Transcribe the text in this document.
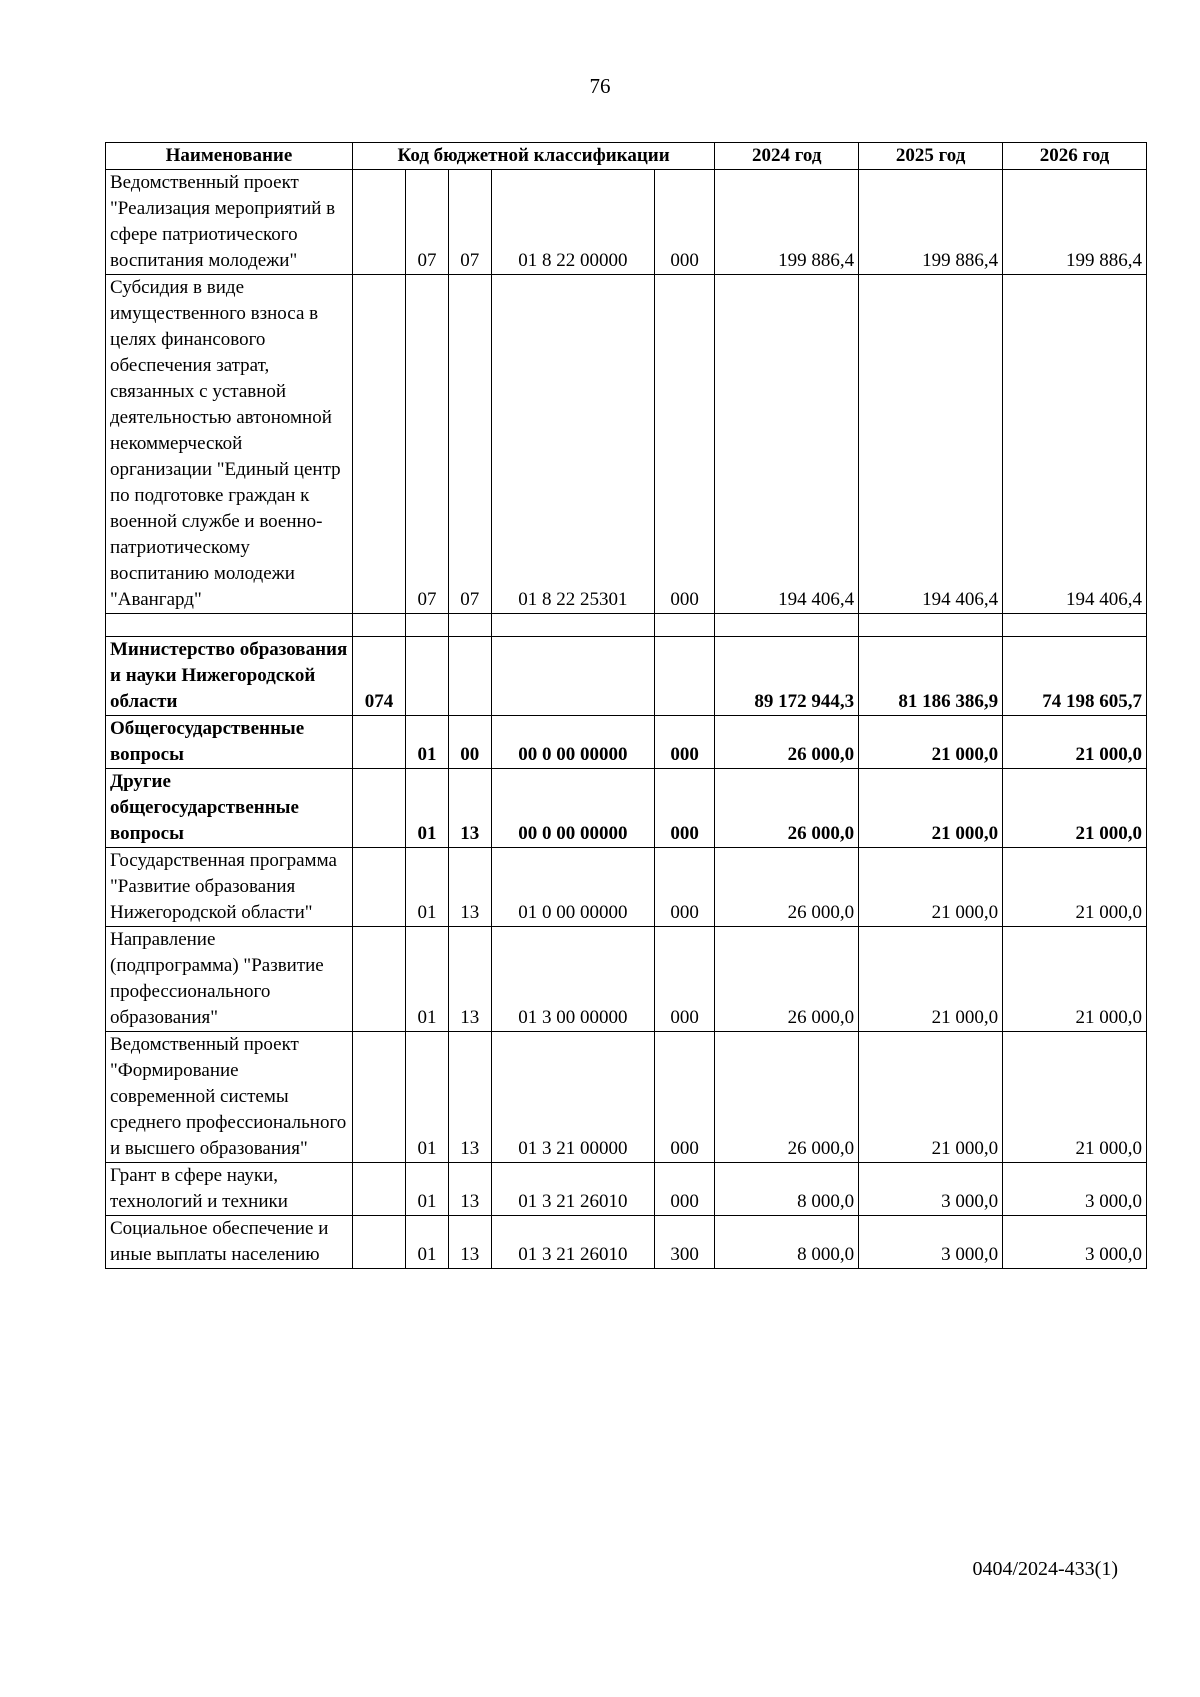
76
Наименование	Код бюджетной классификации					2024 год	2025 год	2026 год
Ведомственный проект "Реализация мероприятий в сфере патриотического воспитания молодежи"		07	07	01 8 22 00000	000	199 886,4	199 886,4	199 886,4
Субсидия в виде имущественного взноса в целях финансового обеспечения затрат, связанных с уставной деятельностью автономной некоммерческой организации "Единый центр по подготовке граждан к военной службе и военно-патриотическому воспитанию молодежи "Авангард"		07	07	01 8 22 25301	000	194 406,4	194 406,4	194 406,4

Министерство образования и науки Нижегородской области	074					89 172 944,3	81 186 386,9	74 198 605,7
Общегосударственные вопросы		01	00	00 0 00 00000	000	26 000,0	21 000,0	21 000,0
Другие общегосударственные вопросы		01	13	00 0 00 00000	000	26 000,0	21 000,0	21 000,0
Государственная программа "Развитие образования Нижегородской области"		01	13	01 0 00 00000	000	26 000,0	21 000,0	21 000,0
Направление (подпрограмма) "Развитие профессионального образования"		01	13	01 3 00 00000	000	26 000,0	21 000,0	21 000,0
Ведомственный проект "Формирование современной системы среднего профессионального и высшего образования"		01	13	01 3 21 00000	000	26 000,0	21 000,0	21 000,0
Грант в сфере науки, технологий и техники		01	13	01 3 21 26010	000	8 000,0	3 000,0	3 000,0
Социальное обеспечение и иные выплаты населению		01	13	01 3 21 26010	300	8 000,0	3 000,0	3 000,0
0404/2024-433(1)
